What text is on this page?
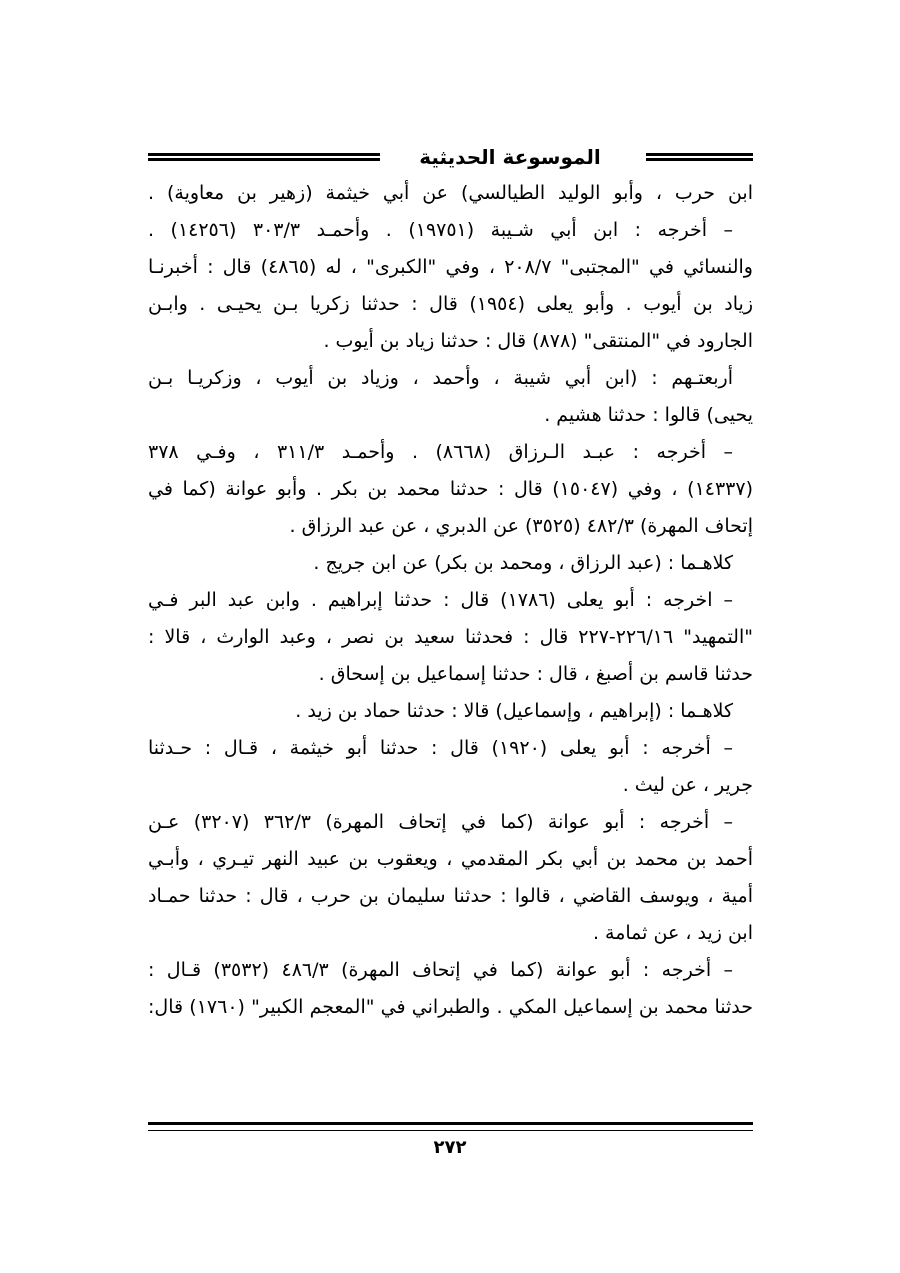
الموسوعة الحديثية
ابن حرب ، وأبو الوليد الطيالسي) عن أبي خيثمة (زهير بن معاوية) .
– أخرجه : ابن أبي شـيبة (١٩٧٥١) . وأحمـد ٣٠٣/٣ (١٤٢٥٦) .
والنسائي في "المجتبى" ٢٠٨/٧ ، وفي "الكبرى" ، له (٤٨٦٥) قال : أخبرنـا
زياد بن أيوب . وأبو يعلى (١٩٥٤) قال : حدثنا زكريا بـن يحيـى . وابـن
الجارود في "المنتقى" (٨٧٨) قال : حدثنا زياد بن أيوب .
أربعتـهم : (ابن أبي شيبة ، وأحمد ، وزياد بن أيوب ، وزكريـا بـن
يحيى) قالوا : حدثنا هشيم .
– أخرجه : عبـد الـرزاق (٨٦٦٨) . وأحمـد ٣١١/٣ ، وفـي ٣٧٨
(١٤٣٣٧) ، وفي (١٥٠٤٧) قال : حدثنا محمد بن بكر . وأبو عوانة (كما في
إتحاف المهرة) ٤٨٢/٣ (٣٥٢٥) عن الدبري ، عن عبد الرزاق .
كلاهـما : (عبد الرزاق ، ومحمد بن بكر) عن ابن جريج .
– اخرجه : أبو يعلى (١٧٨٦) قال : حدثنا إبراهيم . وابن عبد البر فـي
"التمهيد" ٢٢٦/١٦-٢٢٧ قال : فحدثنا سعيد بن نصر ، وعبد الوارث ، قالا :
حدثنا قاسم بن أصبغ ، قال : حدثنا إسماعيل بن إسحاق .
كلاهـما : (إبراهيم ، وإسماعيل) قالا : حدثنا حماد بن زيد .
– أخرجه : أبو يعلى (١٩٢٠) قال : حدثنا أبو خيثمة ، قـال : حـدثنا
جرير ، عن ليث .
– أخرجه : أبو عوانة (كما في إتحاف المهرة) ٣٦٢/٣ (٣٢٠٧) عـن
أحمد بن محمد بن أبي بكر المقدمي ، ويعقوب بن عبيد النهر تيـري ، وأبـي
أمية ، ويوسف القاضي ، قالوا : حدثنا سليمان بن حرب ، قال : حدثنا حمـاد
ابن زيد ، عن ثمامة .
– أخرجه : أبو عوانة (كما في إتحاف المهرة) ٤٨٦/٣ (٣٥٣٢) قـال :
حدثنا محمد بن إسماعيل المكي . والطبراني في "المعجم الكبير" (١٧٦٠) قال:
٢٧٢
